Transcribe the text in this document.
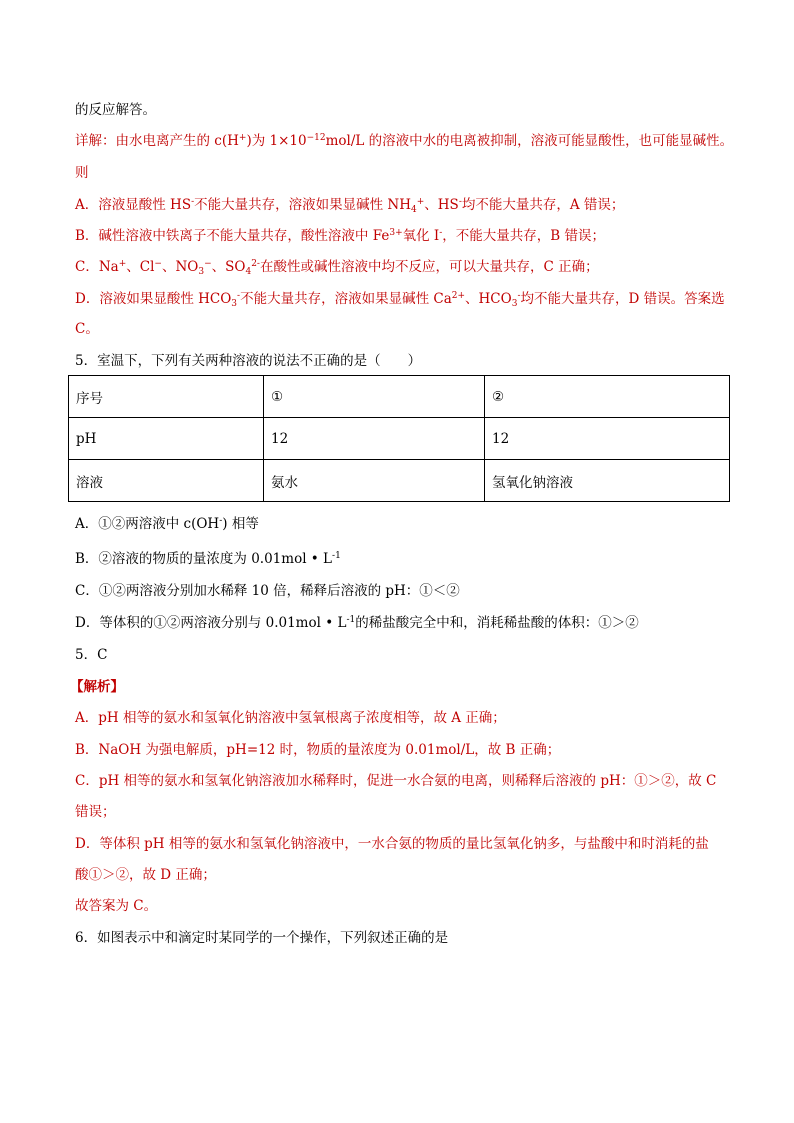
的反应解答。
详解：由水电离产生的 c(H+)为 $1\times 10^{-12}mol/L$ 的溶液中水的电离被抑制，溶液可能显酸性，也可能显碱性。
则
A．溶液显酸性 HS-不能大量共存，溶液如果显碱性 $NH_4^+$、HS-均不能大量共存，A 错误；
B．碱性溶液中铁离子不能大量共存，酸性溶液中 $Fe^{3+}$氧化 I-，不能大量共存，B 错误；
C．Na+、Cl−、$NO_3^-$、$SO_4^{2-}$在酸性或碱性溶液中均不反应，可以大量共存，C 正确；
D．溶液如果显酸性 $HCO_3^-$不能大量共存，溶液如果显碱性 $Ca^{2+}$、$HCO_3^-$均不能大量共存，D 错误。答案选
C。
5．室温下，下列有关两种溶液的说法不正确的是（　　）
序号	①	②
pH	12	12
溶液	氨水	氢氧化钠溶液
A．①②两溶液中 c(OH-) 相等
B．②溶液的物质的量浓度为 0.01mol • $L^{-1}$
C．①②两溶液分别加水稀释 10 倍，稀释后溶液的 pH：①＜②
D．等体积的①②两溶液分别与 0.01mol • $L^{-1}$的稀盐酸完全中和，消耗稀盐酸的体积：①＞②
5．C
【解析】
A．pH 相等的氨水和氢氧化钠溶液中氢氧根离子浓度相等，故 A 正确；
B．NaOH 为强电解质，pH=12 时，物质的量浓度为 0.01mol/L，故 B 正确；
C．pH 相等的氨水和氢氧化钠溶液加水稀释时，促进一水合氨的电离，则稀释后溶液的 pH：①＞②，故 C
错误；
D．等体积 pH 相等的氨水和氢氧化钠溶液中，一水合氨的物质的量比氢氧化钠多，与盐酸中和时消耗的盐
酸①＞②，故 D 正确；
故答案为 C。
6．如图表示中和滴定时某同学的一个操作，下列叙述正确的是
